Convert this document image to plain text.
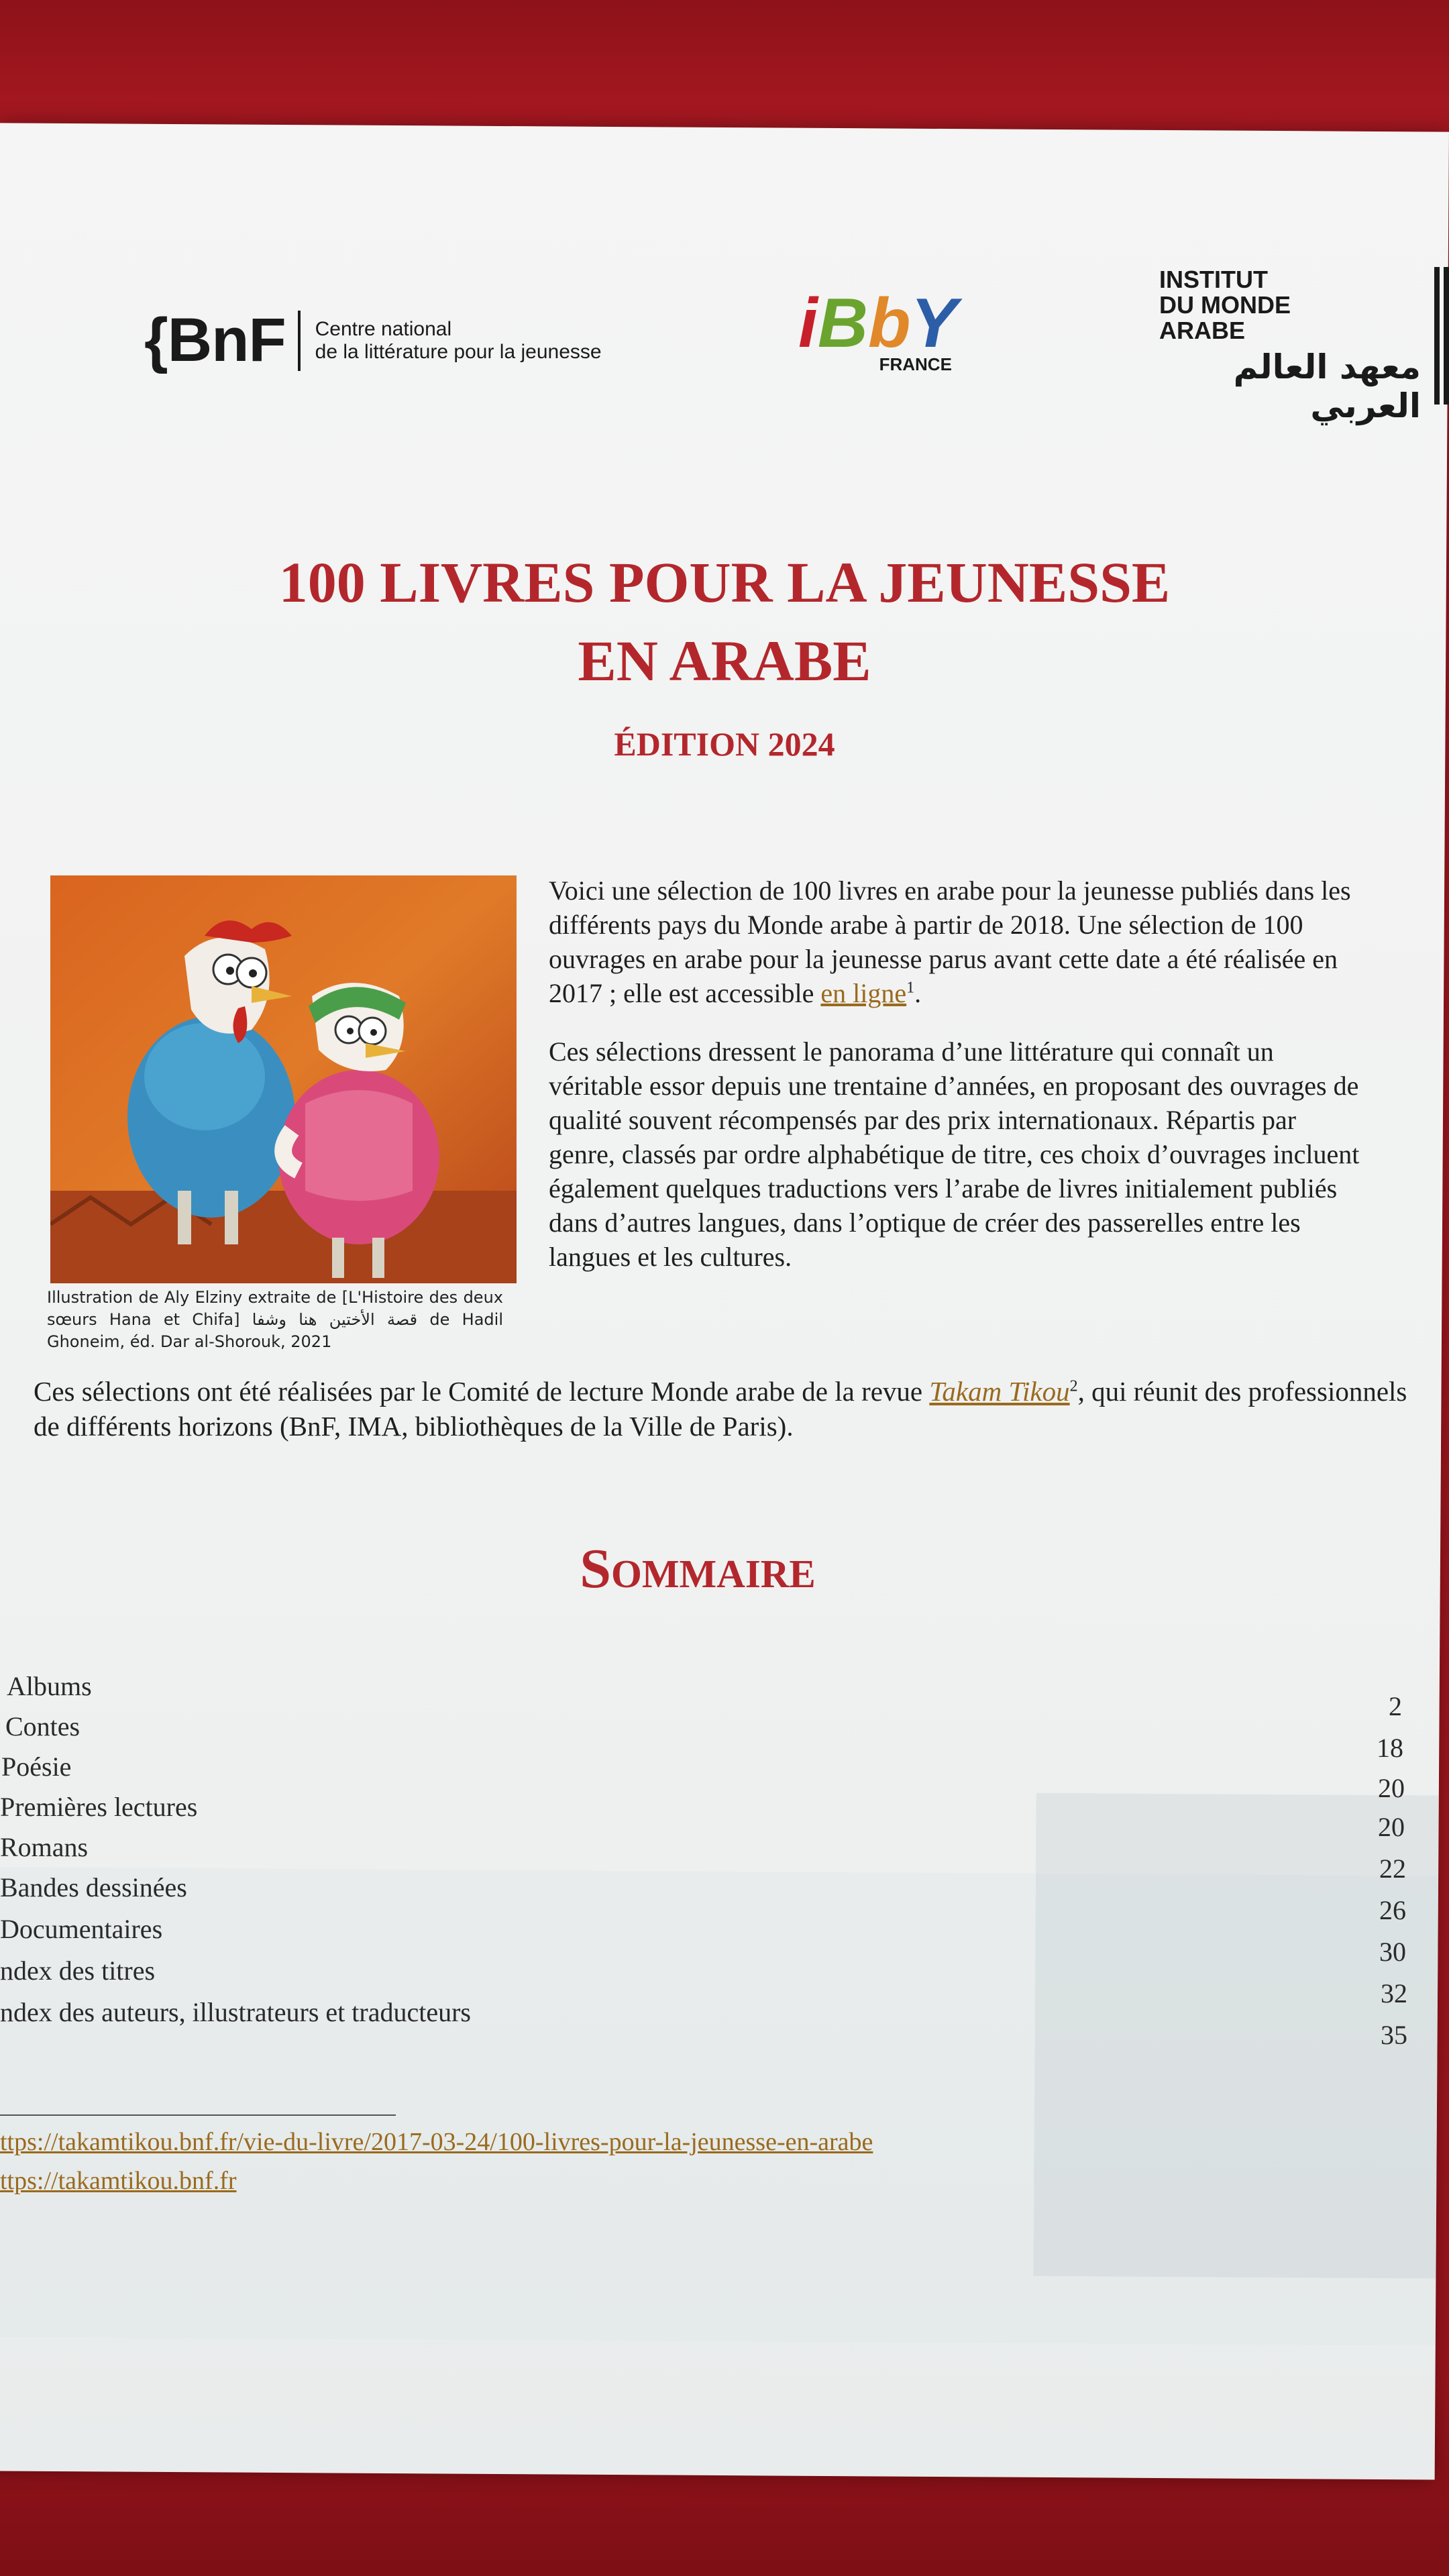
{BnF Centre national
de la littérature pour la jeunesse	iBbY
FRANCE
INSTITUT
DU MONDE
ARABE
معهد العالم العربي
100 LIVRES POUR LA JEUNESSE
EN ARABE
ÉDITION 2024
Illustration de Aly Elziny extraite de [L'Histoire des deux sœurs Hana et Chifa] قصة الأختين هنا وشفا de Hadil Ghoneim, éd. Dar al-Shorouk, 2021

Voici une sélection de 100 livres en arabe pour la jeunesse publiés dans les différents pays du Monde arabe à partir de 2018. Une sélection de 100 ouvrages en arabe pour la jeunesse parus avant cette date a été réalisée en 2017 ; elle est accessible en ligne$^1$.

Ces sélections dressent le panorama d’une littérature qui connaît un véritable essor depuis une trentaine d’années, en proposant des ouvrages de qualité souvent récompensés par des prix internationaux. Répartis par genre, classés par ordre alphabétique de titre, ces choix d’ouvrages incluent également quelques traductions vers l’arabe de livres initialement publiés dans d’autres langues, dans l’optique de créer des passerelles entre les langues et les cultures.

Ces sélections ont été réalisées par le Comité de lecture Monde arabe de la revue Takam Tikou$^2$, qui réunit des professionnels de différents horizons (BnF, IMA, bibliothèques de la Ville de Paris).
Sommaire
Albums
2
Contes
18
Poésie
20
Premières lectures
20
Romans
22
Bandes dessinées
26
Documentaires
30
ndex des titres
32
ndex des auteurs, illustrateurs et traducteurs
35
ttps://takamtikou.bnf.fr/vie-du-livre/2017-03-24/100-livres-pour-la-jeunesse-en-arabe
ttps://takamtikou.bnf.fr
